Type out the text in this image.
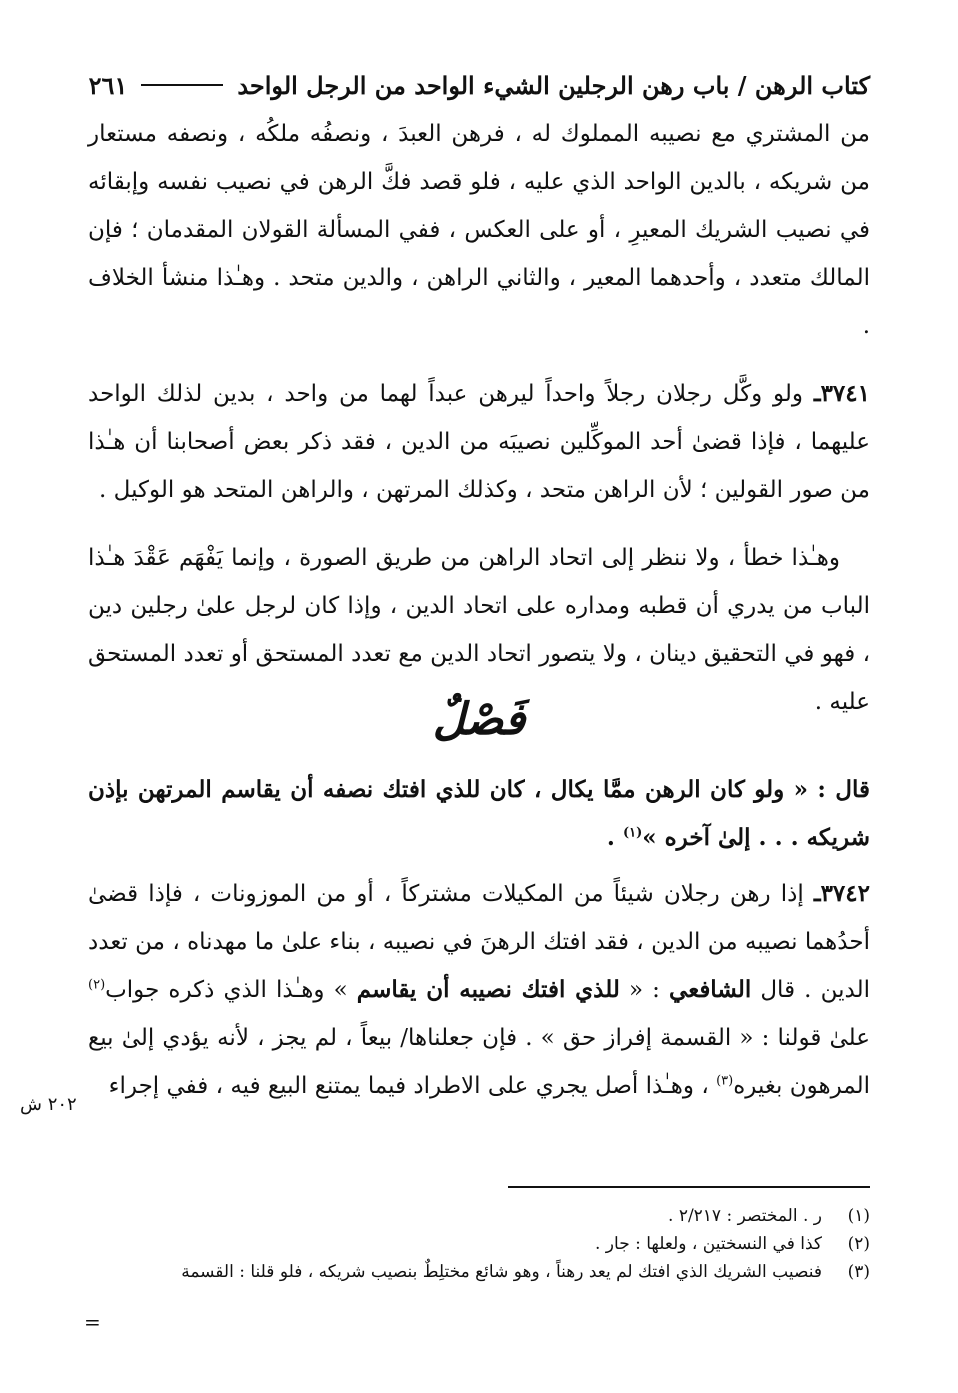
كتاب الرهن / باب رهن الرجلين الشيء الواحد من الرجل الواحد
٢٦١

من المشتري مع نصيبه المملوك له ، فرهن العبدَ ، ونصفُه ملكُه ، ونصفه مستعار من شريكه ، بالدين الواحد الذي عليه ، فلو قصد فكَّ الرهن في نصيب نفسه وإبقائه في نصيب الشريك المعيرِ ، أو على العكس ، ففي المسألة القولان المقدمان ؛ فإن المالك متعدد ، وأحدهما المعير ، والثاني الراهن ، والدين متحد . وهـٰذا منشأ الخلاف .

٣٧٤١ـ ولو وكَّل رجلان رجلاً واحداً ليرهن عبداً لهما من واحد ، بدين لذلك الواحد عليهما ، فإذا قضىٰ أحد الموكِّلين نصيبَه من الدين ، فقد ذكر بعض أصحابنا أن هـٰذا من صور القولين ؛ لأن الراهن متحد ، وكذلك المرتهن ، والراهن المتحد هو الوكيل .

وهـٰذا خطأ ، ولا ننظر إلى اتحاد الراهن من طريق الصورة ، وإنما يَفْهَم عَقْدَ هـٰذا الباب من يدري أن قطبه ومداره على اتحاد الدين ، وإذا كان لرجل علىٰ رجلين دين ، فهو في التحقيق دينان ، ولا يتصور اتحاد الدين مع تعدد المستحق أو تعدد المستحق عليه .

فَصْلٌ

قال : « ولو كان الرهن ممَّا يكال ، كان للذي افتك نصفه أن يقاسم المرتهن بإذن شريكه . . . إلىٰ آخره »$^{(١)}$ .

٣٧٤٢ـ إذا رهن رجلان شيئاً من المكيلات مشتركاً ، أو من الموزونات ، فإذا قضىٰ أحدُهما نصيبه من الدين ، فقد افتك الرهنَ في نصيبه ، بناء علىٰ ما مهدناه ، من تعدد الدين . قال الشافعي : « للذي افتك نصيبه أن يقاسم » وهـٰذا الذي ذكره جواب$^{(٢)}$ علىٰ قولنا : « القسمة إفراز حق » . فإن جعلناها/ بيعاً ، لم يجز ، لأنه يؤدي إلىٰ بيع المرهون بغيره$^{(٣)}$ ، وهـٰذا أصل يجري على الاطراد فيما يمتنع البيع فيه ، ففي إجراء

٢٠٢ ش
(١)ر . المختصر : ٢/٢١٧ .
(٢)كذا في النسختين ، ولعلها : جار .
(٣)فنصيب الشريك الذي افتك لم يعد رهناً ، وهو شائع مختلِطٌ بنصيب شريكه ، فلو قلنا : القسمة
=
